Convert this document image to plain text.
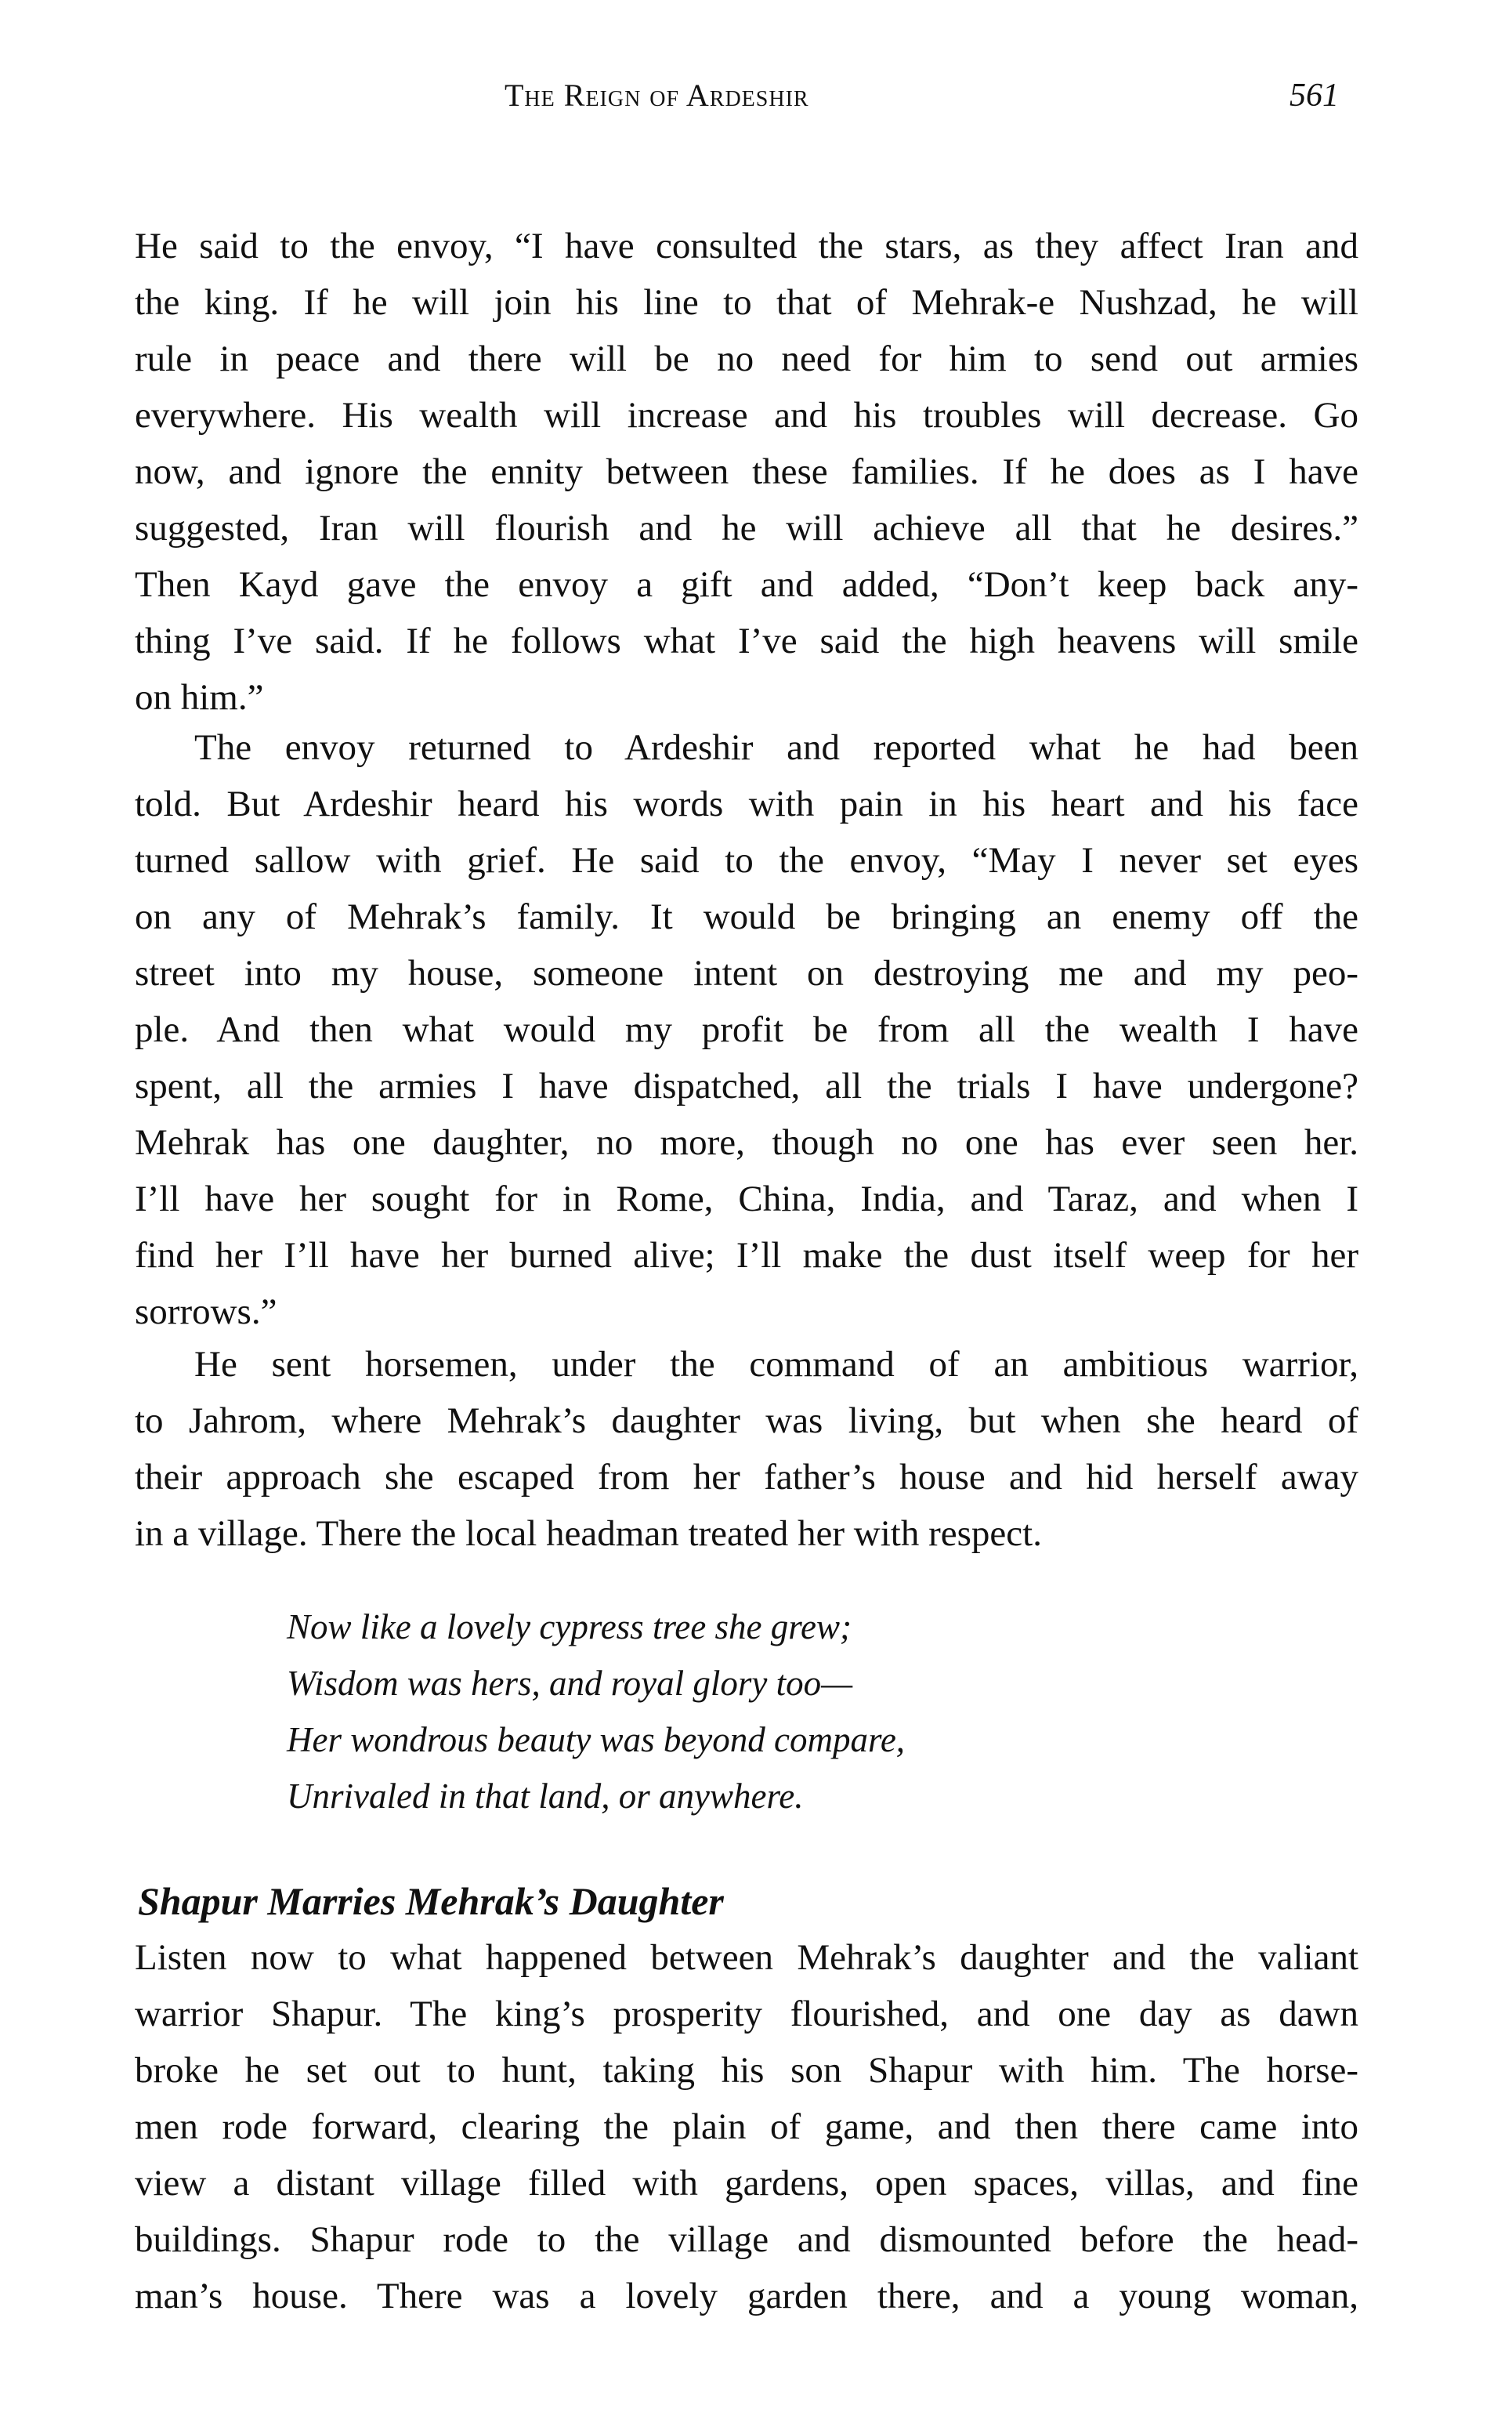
The Reign of Ardeshir	561
He said to the envoy, “I have consulted the stars, as they affect Iran and
the king. If he will join his line to that of Mehrak-e Nushzad, he will
rule in peace and there will be no need for him to send out armies
everywhere. His wealth will increase and his troubles will decrease. Go
now, and ignore the ennity between these families. If he does as I have
suggested, Iran will flourish and he will achieve all that he desires.”
Then Kayd gave the envoy a gift and added, “Don’t keep back any-
thing I’ve said. If he follows what I’ve said the high heavens will smile
on him.”
The envoy returned to Ardeshir and reported what he had been
told. But Ardeshir heard his words with pain in his heart and his face
turned sallow with grief. He said to the envoy, “May I never set eyes
on any of Mehrak’s family. It would be bringing an enemy off the
street into my house, someone intent on destroying me and my peo-
ple. And then what would my profit be from all the wealth I have
spent, all the armies I have dispatched, all the trials I have undergone?
Mehrak has one daughter, no more, though no one has ever seen her.
I’ll have her sought for in Rome, China, India, and Taraz, and when I
find her I’ll have her burned alive; I’ll make the dust itself weep for her
sorrows.”
He sent horsemen, under the command of an ambitious warrior,
to Jahrom, where Mehrak’s daughter was living, but when she heard of
their approach she escaped from her father’s house and hid herself away
in a village. There the local headman treated her with respect.
Now like a lovely cypress tree she grew;
Wisdom was hers, and royal glory too—
Her wondrous beauty was beyond compare,
Unrivaled in that land, or anywhere.
Shapur Marries Mehrak’s Daughter
Listen now to what happened between Mehrak’s daughter and the valiant
warrior Shapur. The king’s prosperity flourished, and one day as dawn
broke he set out to hunt, taking his son Shapur with him. The horse-
men rode forward, clearing the plain of game, and then there came into
view a distant village filled with gardens, open spaces, villas, and fine
buildings. Shapur rode to the village and dismounted before the head-
man’s house. There was a lovely garden there, and a young woman,
